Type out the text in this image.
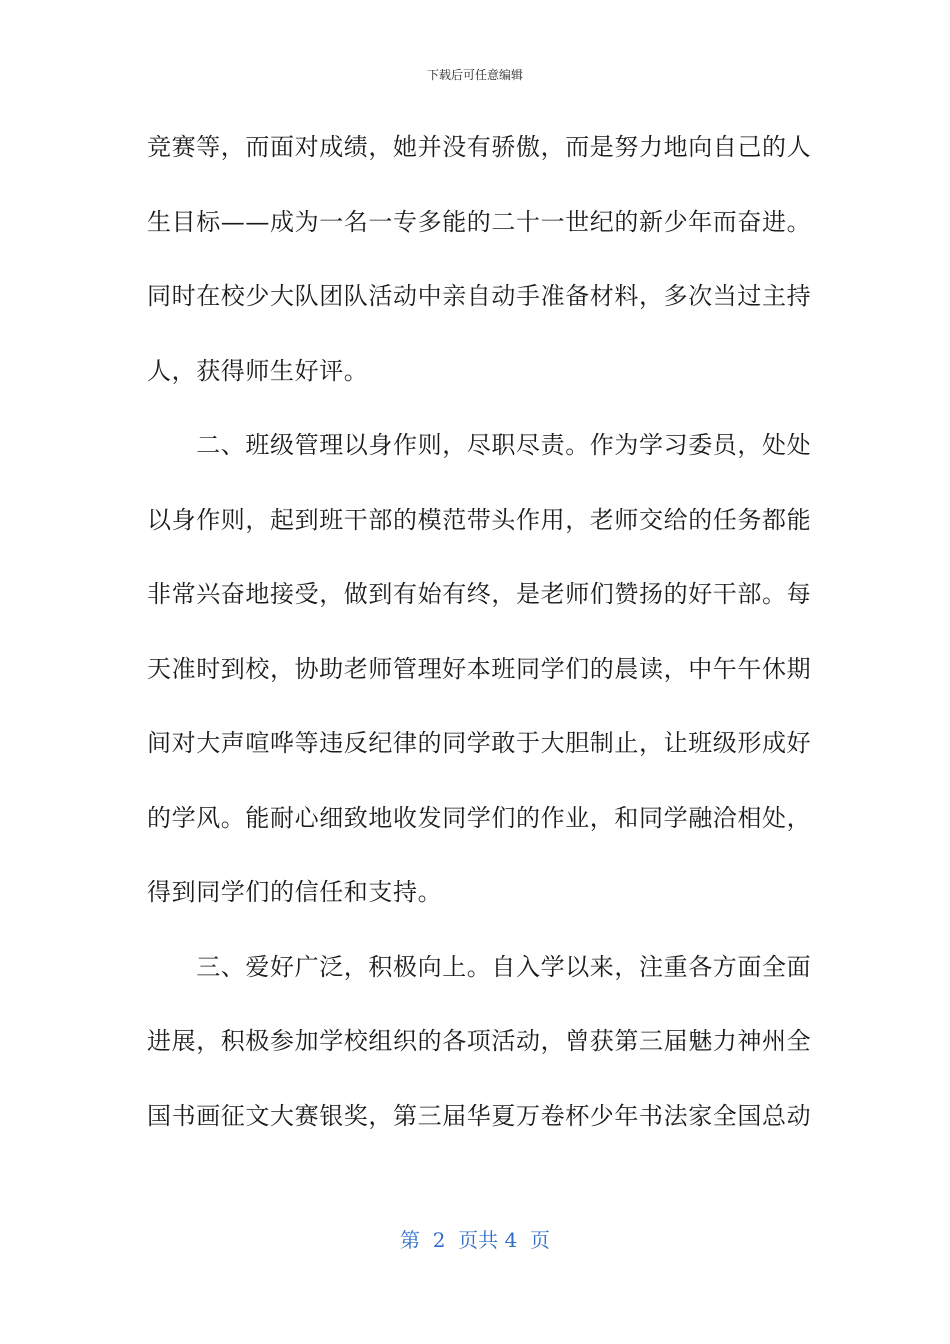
下载后可任意编辑
竞赛等，而面对成绩，她并没有骄傲，而是努力地向自己的人
生目标——成为一名一专多能的二十一世纪的新少年而奋进。
同时在校少大队团队活动中亲自动手准备材料，多次当过主持
人，获得师生好评。
　　二、班级管理以身作则，尽职尽责。作为学习委员，处处
以身作则，起到班干部的模范带头作用，老师交给的任务都能
非常兴奋地接受，做到有始有终，是老师们赞扬的好干部。每
天准时到校，协助老师管理好本班同学们的晨读，中午午休期
间对大声喧哗等违反纪律的同学敢于大胆制止，让班级形成好
的学风。能耐心细致地收发同学们的作业，和同学融洽相处，
得到同学们的信任和支持。
　　三、爱好广泛，积极向上。自入学以来，注重各方面全面
进展，积极参加学校组织的各项活动，曾获第三届魅力神州全
国书画征文大赛银奖，第三届华夏万卷杯少年书法家全国总动
第  2  页共 4  页
